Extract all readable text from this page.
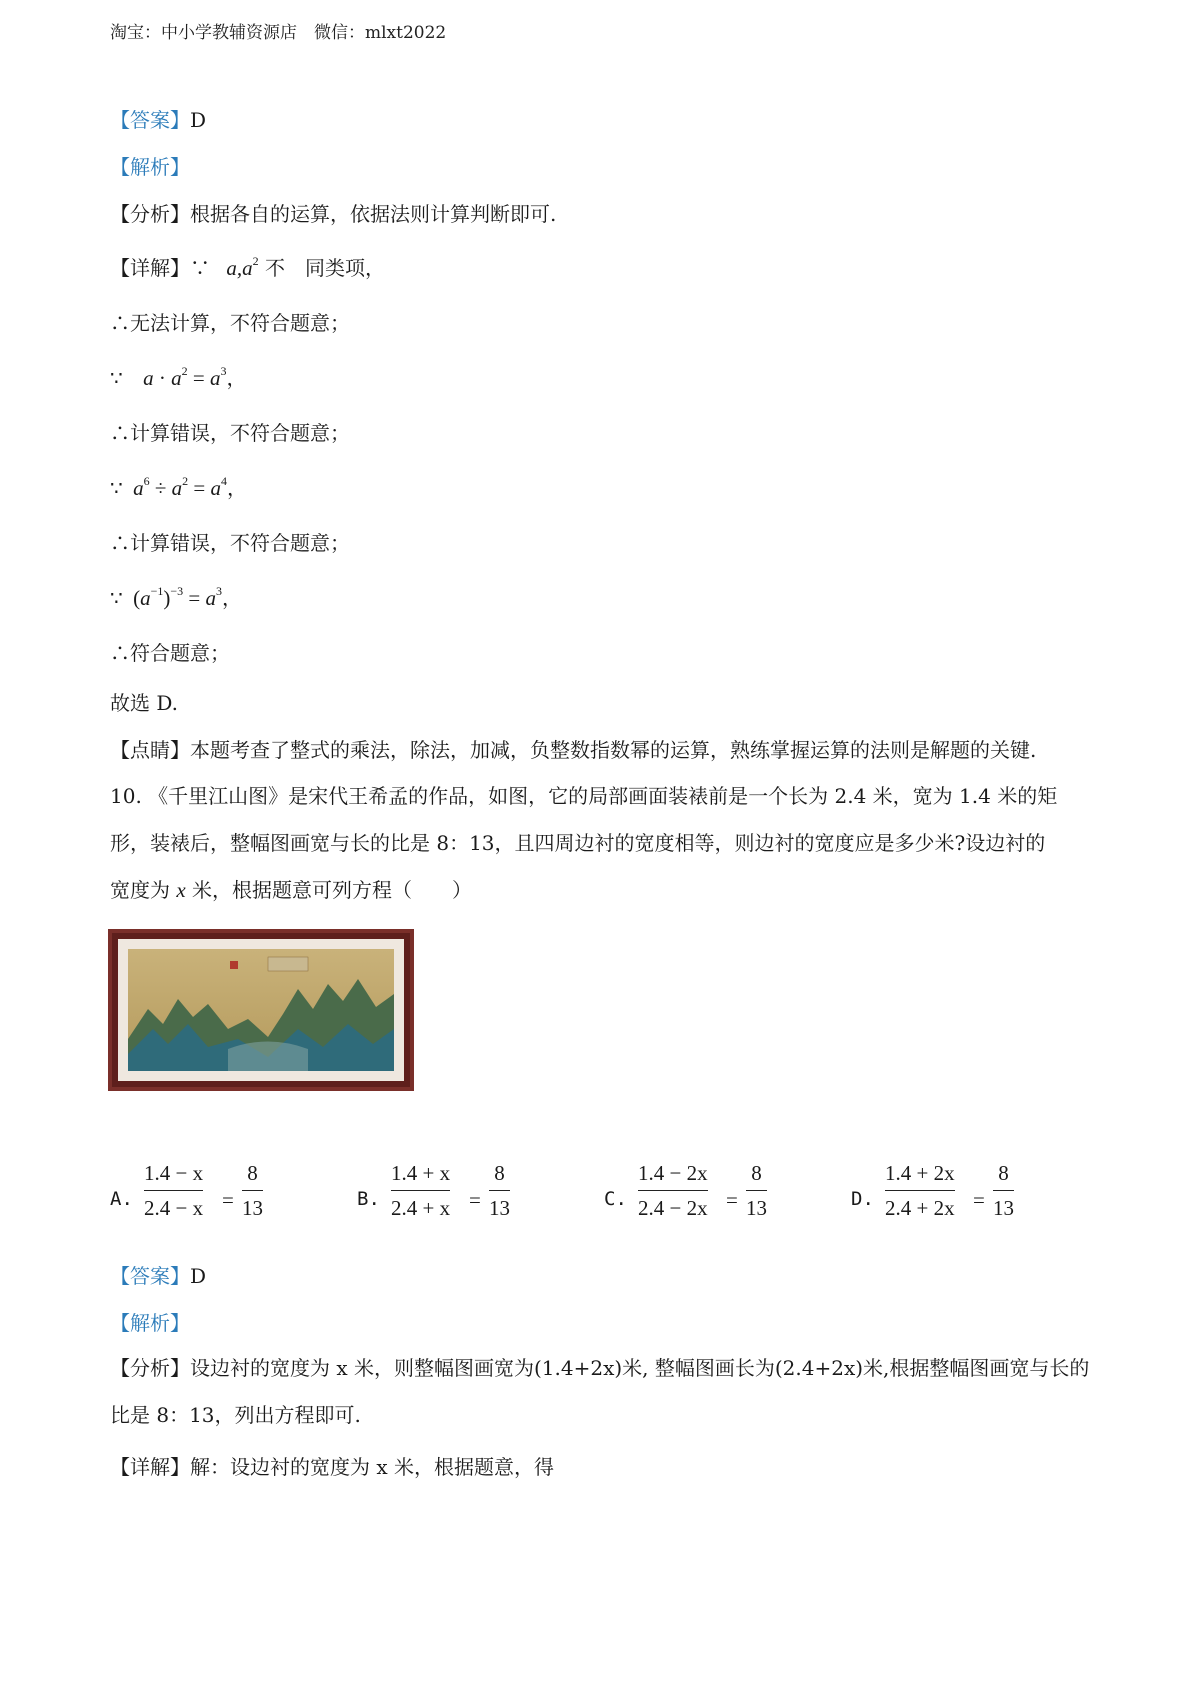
淘宝：中小学教辅资源店　微信：mlxt2022
【答案】D
【解析】
【分析】根据各自的运算，依据法则计算判断即可.
【详解】∵ $a,a^2$ 不　同类项，
∴无法计算，不符合题意；
∵ $a \cdot a^2 = a^3$，
∴计算错误，不符合题意；
∵ $a^6 \div a^2 = a^4$，
∴计算错误，不符合题意；
∵ $(a^{-1})^{-3} = a^3$，
∴符合题意；
故选 D.
【点睛】本题考查了整式的乘法，除法，加减，负整数指数幂的运算，熟练掌握运算的法则是解题的关键.
10. 《千里江山图》是宋代王希孟的作品，如图，它的局部画面装裱前是一个长为 2.4 米，宽为 1.4 米的矩
形，装裱后，整幅图画宽与长的比是 8：13，且四周边衬的宽度相等，则边衬的宽度应是多少米?设边衬的
宽度为 x 米，根据题意可列方程（　　）
A.
1.4 − x
2.4 − x =
8
13	B.
1.4 + x
2.4 + x =
8
13	C.
1.4 − 2x
2.4 − 2x =
8
13	D.
1.4 + 2x
2.4 + 2x =
8
13
【答案】D
【解析】
【分析】设边衬的宽度为 x 米，则整幅图画宽为(1.4+2x)米, 整幅图画长为(2.4+2x)米,根据整幅图画宽与长的
比是 8：13，列出方程即可.
【详解】解：设边衬的宽度为 x 米，根据题意，得
